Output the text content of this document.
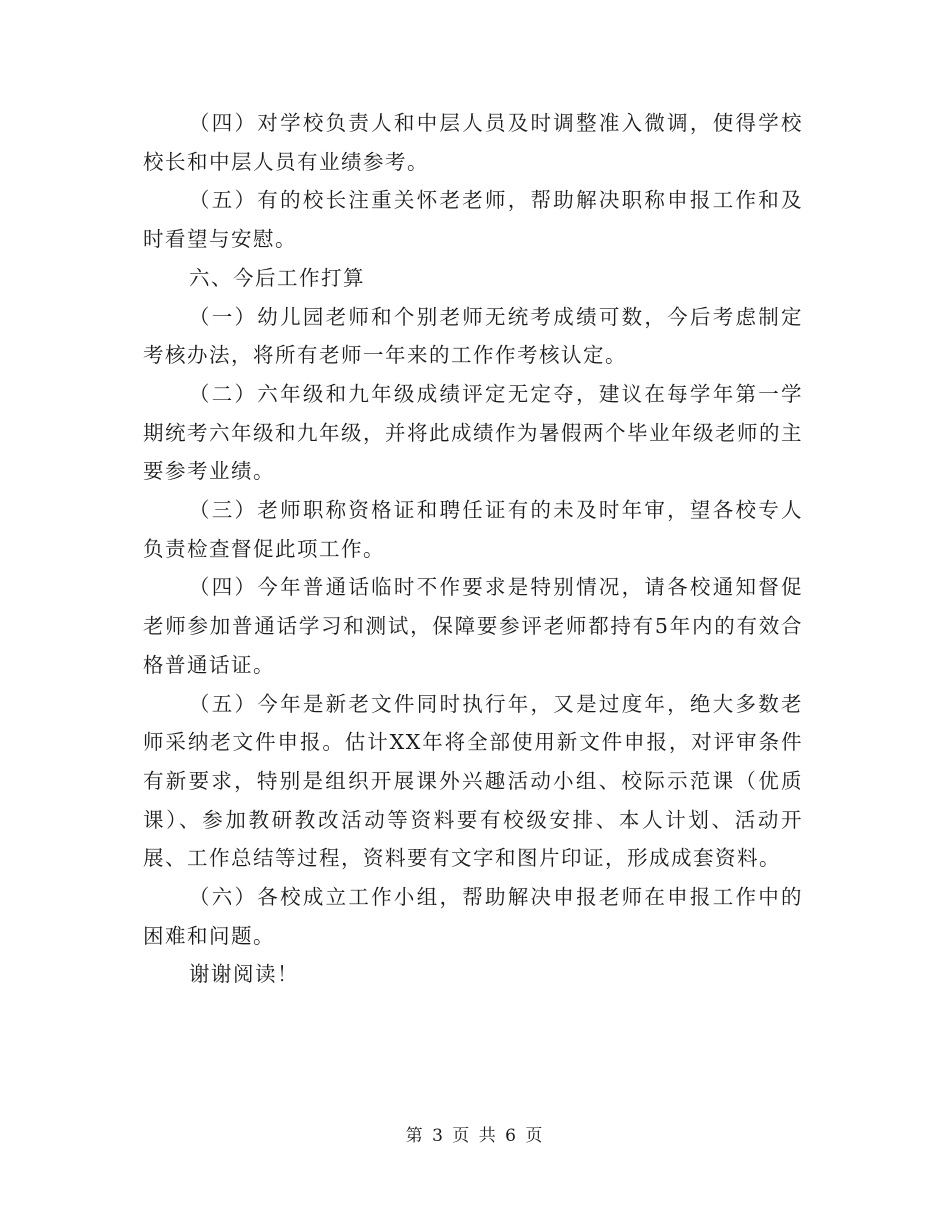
（四）对学校负责人和中层人员及时调整准入微调，使得学校校长和中层人员有业绩参考。

（五）有的校长注重关怀老老师，帮助解决职称申报工作和及时看望与安慰。

六、今后工作打算

（一）幼儿园老师和个别老师无统考成绩可数，今后考虑制定考核办法，将所有老师一年来的工作作考核认定。

（二）六年级和九年级成绩评定无定夺，建议在每学年第一学期统考六年级和九年级，并将此成绩作为暑假两个毕业年级老师的主要参考业绩。

（三）老师职称资格证和聘任证有的未及时年审，望各校专人负责检查督促此项工作。

（四）今年普通话临时不作要求是特别情况，请各校通知督促老师参加普通话学习和测试，保障要参评老师都持有5年内的有效合格普通话证。

（五）今年是新老文件同时执行年，又是过度年，绝大多数老师采纳老文件申报。估计XX年将全部使用新文件申报，对评审条件有新要求，特别是组织开展课外兴趣活动小组、校际示范课（优质课）、参加教研教改活动等资料要有校级安排、本人计划、活动开展、工作总结等过程，资料要有文字和图片印证，形成成套资料。

（六）各校成立工作小组，帮助解决申报老师在申报工作中的困难和问题。

谢谢阅读！

第 3 页 共 6 页
